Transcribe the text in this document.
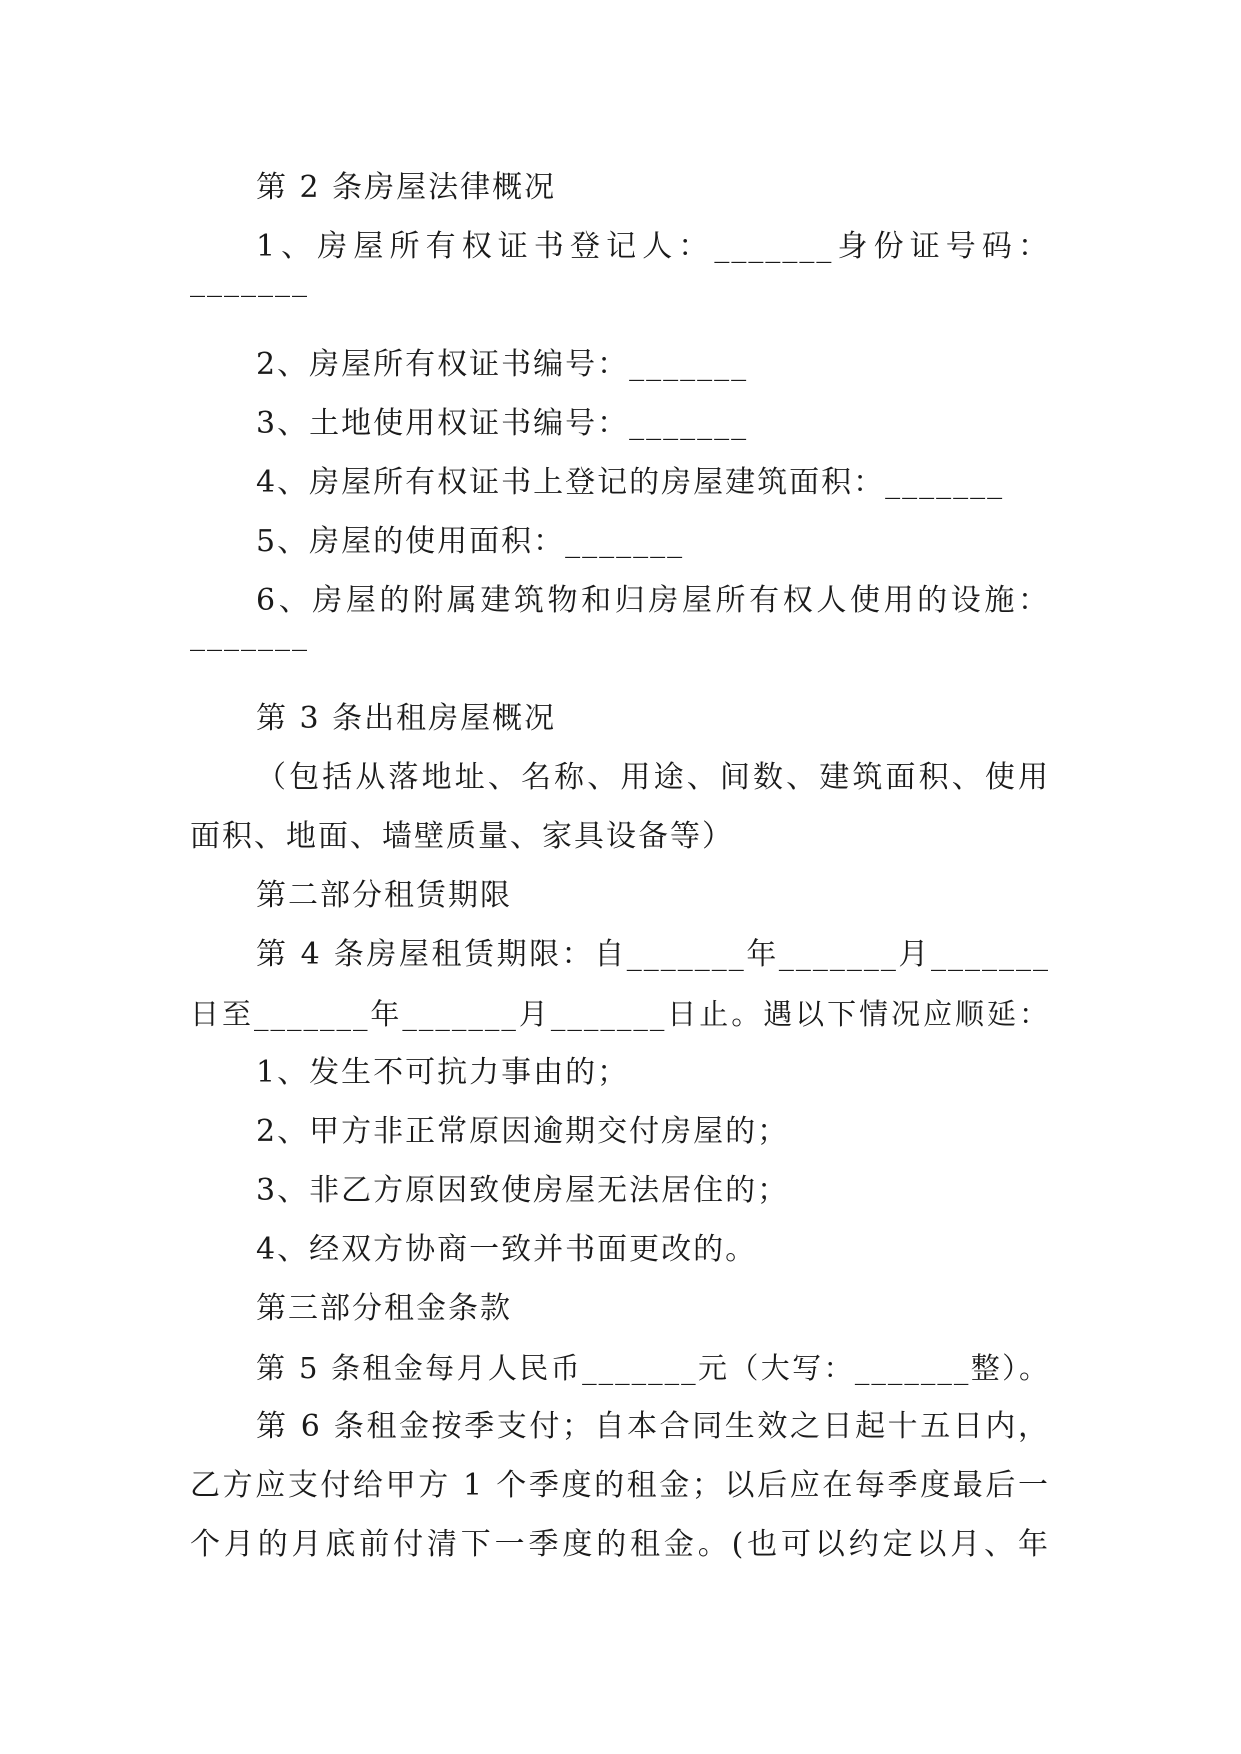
第 2 条房屋法律概况
1、房屋所有权证书登记人：_______身份证号码：
_______
2、房屋所有权证书编号：_______
3、土地使用权证书编号：_______
4、房屋所有权证书上登记的房屋建筑面积：_______
5、房屋的使用面积：_______
6、房屋的附属建筑物和归房屋所有权人使用的设施：
_______
第 3 条出租房屋概况
（包括从落地址、名称、用途、间数、建筑面积、使用
面积、地面、墙壁质量、家具设备等）
第二部分租赁期限
第 4 条房屋租赁期限：自_______年_______月_______
日至_______年_______月_______日止。遇以下情况应顺延：
1、发生不可抗力事由的；
2、甲方非正常原因逾期交付房屋的；
3、非乙方原因致使房屋无法居住的；
4、经双方协商一致并书面更改的。
第三部分租金条款
第 5 条租金每月人民币_______元（大写：_______整）。
第 6 条租金按季支付；自本合同生效之日起十五日内，
乙方应支付给甲方 1 个季度的租金；以后应在每季度最后一
个月的月底前付清下一季度的租金。(也可以约定以月、年
